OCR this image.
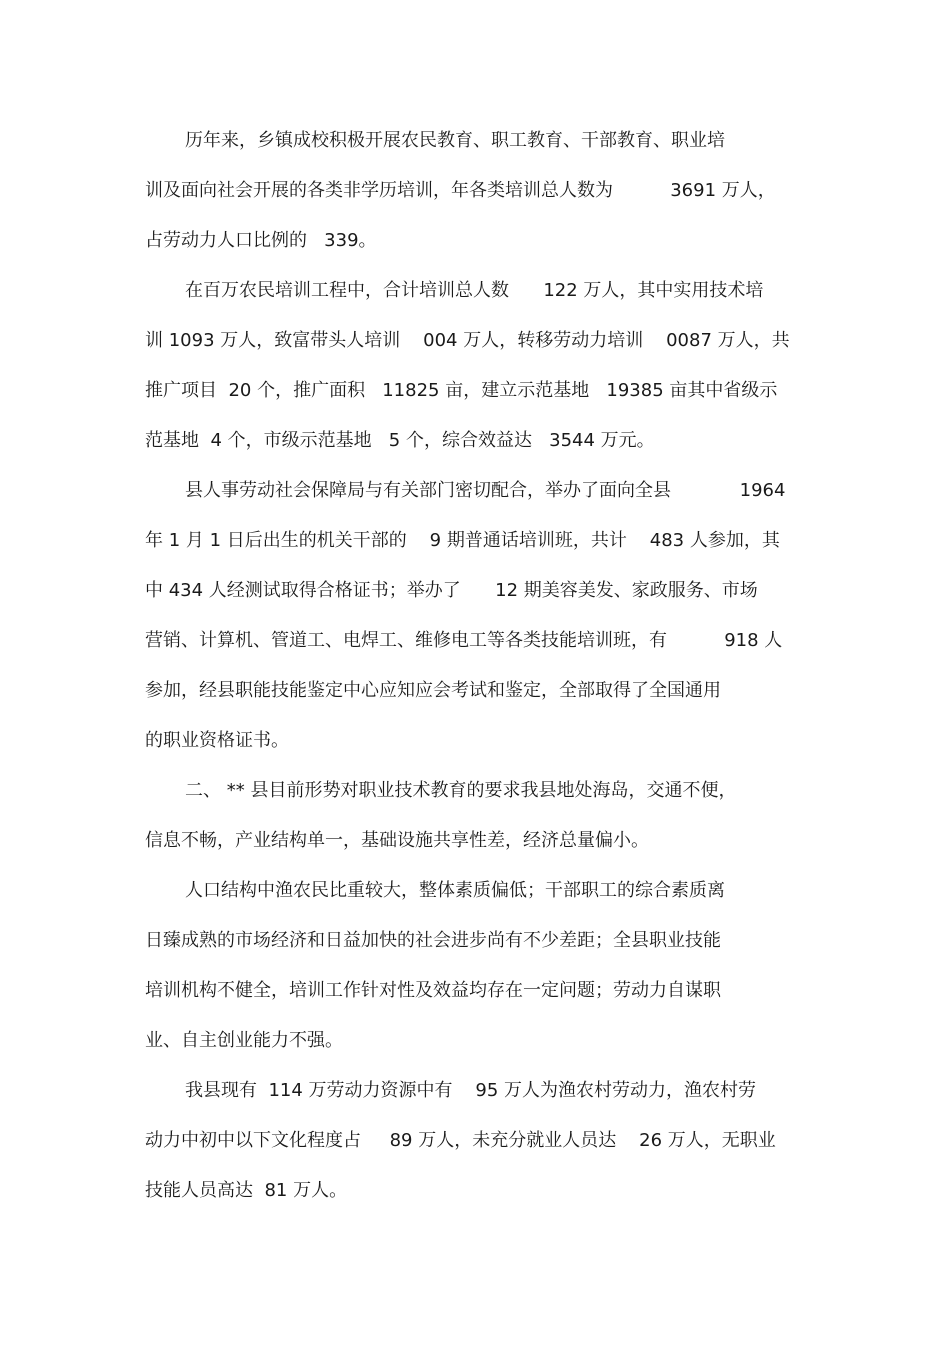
历年来，乡镇成校积极开展农民教育、职工教育、干部教育、职业培
训及面向社会开展的各类非学历培训，年各类培训总人数为          3691 万人，
占劳动力人口比例的   339。
在百万农民培训工程中，合计培训总人数      122 万人，其中实用技术培
训 1093 万人，致富带头人培训    004 万人，转移劳动力培训    0087 万人，共
推广项目  20 个，推广面积   11825 亩，建立示范基地   19385 亩其中省级示
范基地  4 个，市级示范基地   5 个，综合效益达   3544 万元。
县人事劳动社会保障局与有关部门密切配合，举办了面向全县            1964
年 1 月 1 日后出生的机关干部的    9 期普通话培训班，共计    483 人参加，其
中 434 人经测试取得合格证书；举办了      12 期美容美发、家政服务、市场
营销、计算机、管道工、电焊工、维修电工等各类技能培训班，有          918 人
参加，经县职能技能鉴定中心应知应会考试和鉴定，全部取得了全国通用
的职业资格证书。
二、 ** 县目前形势对职业技术教育的要求我县地处海岛，交通不便，
信息不畅，产业结构单一，基础设施共享性差，经济总量偏小。
人口结构中渔农民比重较大，整体素质偏低；干部职工的综合素质离
日臻成熟的市场经济和日益加快的社会进步尚有不少差距；全县职业技能
培训机构不健全，培训工作针对性及效益均存在一定问题；劳动力自谋职
业、自主创业能力不强。
我县现有  114 万劳动力资源中有    95 万人为渔农村劳动力，渔农村劳
动力中初中以下文化程度占     89 万人，未充分就业人员达    26 万人，无职业
技能人员高达  81 万人。
